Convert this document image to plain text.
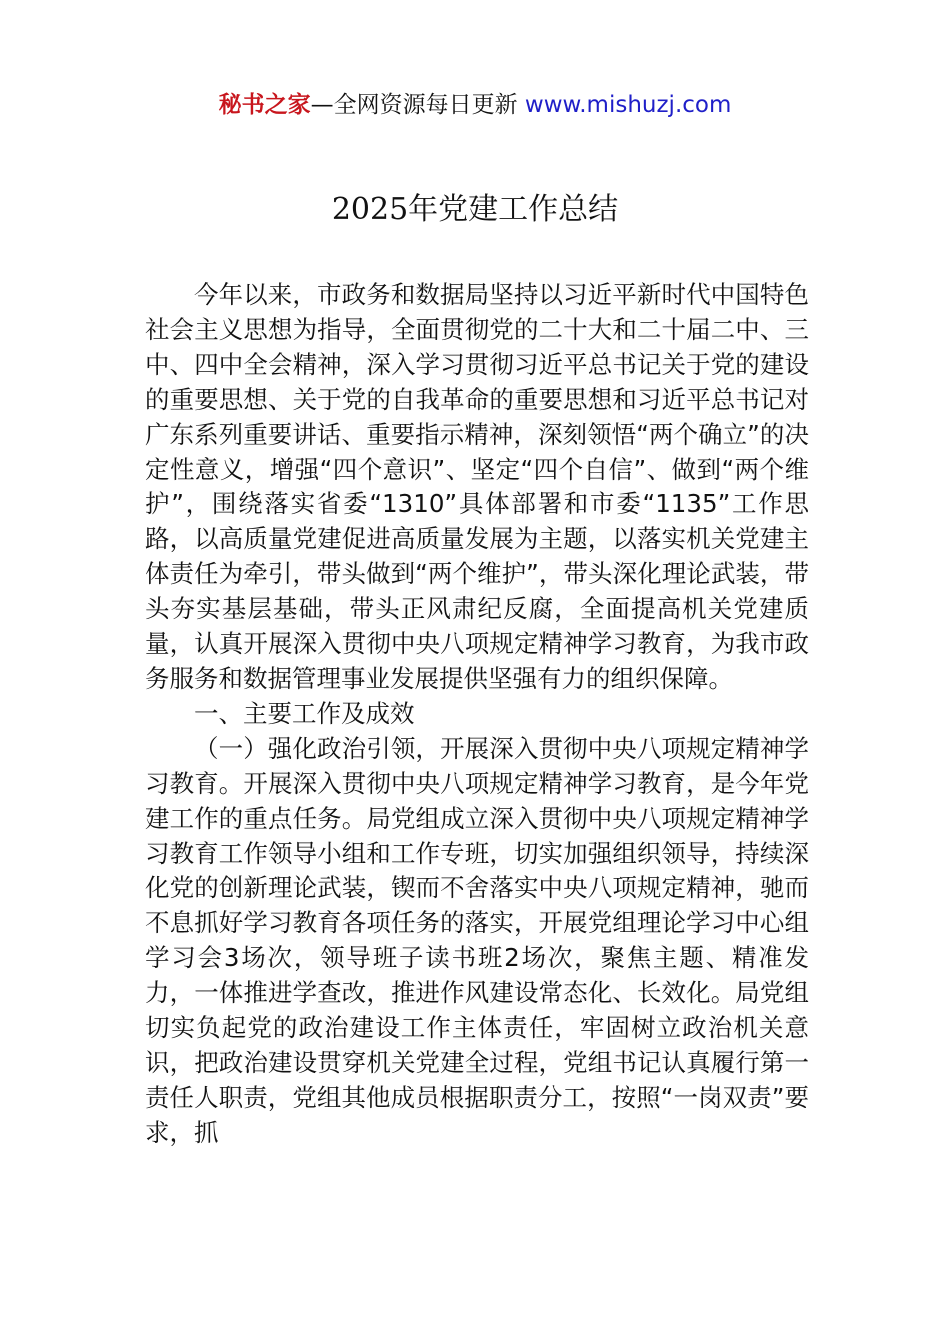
秘书之家—全网资源每日更新 www.mishuzj.com
2025年党建工作总结

今年以来，市政务和数据局坚持以习近平新时代中国特色社会主义思想为指导，全面贯彻党的二十大和二十届二中、三中、四中全会精神，深入学习贯彻习近平总书记关于党的建设的重要思想、关于党的自我革命的重要思想和习近平总书记对广东系列重要讲话、重要指示精神，深刻领悟“两个确立”的决定性意义，增强“四个意识”、坚定“四个自信”、做到“两个维护”，围绕落实省委“1310”具体部署和市委“1135”工作思路，以高质量党建促进高质量发展为主题，以落实机关党建主体责任为牵引，带头做到“两个维护”，带头深化理论武装，带头夯实基层基础，带头正风肃纪反腐，全面提高机关党建质量，认真开展深入贯彻中央八项规定精神学习教育，为我市政务服务和数据管理事业发展提供坚强有力的组织保障。

一、主要工作及成效

（一）强化政治引领，开展深入贯彻中央八项规定精神学习教育。开展深入贯彻中央八项规定精神学习教育，是今年党建工作的重点任务。局党组成立深入贯彻中央八项规定精神学习教育工作领导小组和工作专班，切实加强组织领导，持续深化党的创新理论武装，锲而不舍落实中央八项规定精神，驰而不息抓好学习教育各项任务的落实，开展党组理论学习中心组学习会3场次，领导班子读书班2场次，聚焦主题、精准发力，一体推进学查改，推进作风建设常态化、长效化。局党组切实负起党的政治建设工作主体责任，牢固树立政治机关意识，把政治建设贯穿机关党建全过程，党组书记认真履行第一责任人职责，党组其他成员根据职责分工，按照“一岗双责”要求，抓
